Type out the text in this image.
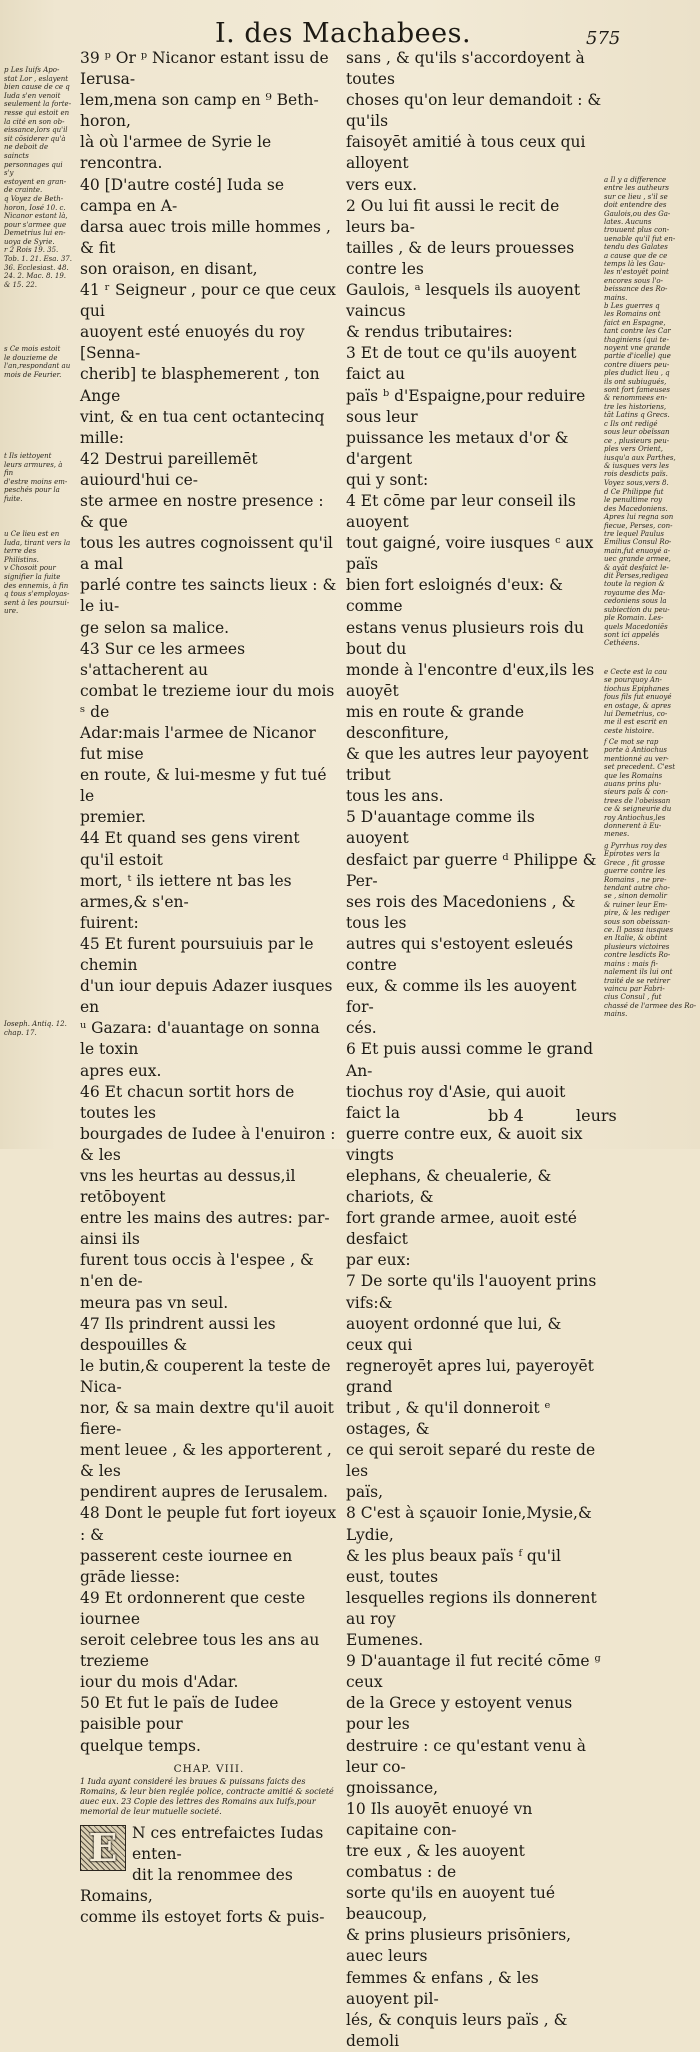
I. des Machabees.	575
p Les Iuifs Apo-
stat Lor , eslayent
bien cause de ce q
Iuda s'en venoit
seulement la forte-
resse qui estoit en
la cité en son ob-
eissance,lors qu'il
sit cōsiderer qu'à
ne deboit de saincts
personnages qui s'y
estoyent en gran-
de crainte.
q Voyez de Beth-
horon, Iosé 10. c.
Nicanor estant là,
pour s'armee que
Demetrius lui en-
uoya de Syrie.
r 2 Rois 19. 35.
Tob. 1. 21. Esa. 37.
36. Ecclesiast. 48.
24. 2. Mac. 8. 19.
& 15. 22.
s Ce mois estoit
le douzieme de
l'an,respondant au
mois de Feurier.
t Ils iettoyent
leurs armures, à fin
d'estre moins em-
peschés pour la
fuite.
u Ce lieu est en
Iuda, tirant vers la
terre des Philistins.
v Chosoit pour
signifier la fuite
des ennemis, à fin
q tous s'employas-
sent à les poursui-
ure.
Ioseph. Antiq. 12.
chap. 17.

39 ᵖ Or ᵖ Nicanor estant issu de Ierusa-

lem,mena son camp en ⁹ Beth-horon,

là où l'armee de Syrie le rencontra.

40 [D'autre costé] Iuda se campa en A-

darsa auec trois mille hommes , & fit

son oraison, en disant,

41 ʳ Seigneur , pour ce que ceux qui

auoyent esté enuoyés du roy [Senna-

cherib] te blasphemerent , ton Ange

vint, & en tua cent octantecinq mille:

42 Destrui pareillemēt auiourd'hui ce-

ste armee en nostre presence : & que

tous les autres cognoissent qu'il a mal

parlé contre tes saincts lieux : & le iu-

ge selon sa malice.

43 Sur ce les armees s'attacherent au

combat le trezieme iour du mois ˢ de

Adar:mais l'armee de Nicanor fut mise

en route, & lui-mesme y fut tué le

premier.

44 Et quand ses gens virent qu'il estoit

mort, ᵗ ils iettere nt bas les armes,& s'en-

fuirent:

45 Et furent poursuiuis par le chemin

d'un iour depuis Adazer iusques en

ᵘ Gazara: d'auantage on sonna le toxin

apres eux.

46 Et chacun sortit hors de toutes les

bourgades de Iudee à l'enuiron : & les

vns les heurtas au dessus,il retōboyent

entre les mains des autres: par-ainsi ils

furent tous occis à l'espee , & n'en de-

meura pas vn seul.

47 Ils prindrent aussi les despouilles &

le butin,& couperent la teste de Nica-

nor, & sa main dextre qu'il auoit fiere-

ment leuee , & les apporterent , & les

pendirent aupres de Ierusalem.

48 Dont le peuple fut fort ioyeux : &

passerent ceste iournee en grāde liesse:

49 Et ordonnerent que ceste iournee

seroit celebree tous les ans au trezieme

iour du mois d'Adar.

50 Et fut le païs de Iudee paisible pour

quelque temps.

CHAP. VIII.
1 Iuda ayant consideré les braues & puissans faicts des Romains, & leur bien reglée police, contracte amitié & societé auec eux. 23 Copie des lettres des Romains aux Iuifs,pour memorial de leur mutuelle societé.
E N ces entrefaictes Iudas enten-

dit la renommee des Romains,

comme ils estoyet forts & puis-

sans , & qu'ils s'accordoyent à toutes

choses qu'on leur demandoit : & qu'ils

faisoyēt amitié à tous ceux qui alloyent

vers eux.

2 Ou lui fit aussi le recit de leurs ba-

tailles , & de leurs prouesses contre les

Gaulois, ᵃ lesquels ils auoyent vaincus

& rendus tributaires:

3 Et de tout ce qu'ils auoyent faict au

païs ᵇ d'Espaigne,pour reduire sous leur

puissance les metaux d'or & d'argent

qui y sont:

4 Et cōme par leur conseil ils auoyent

tout gaigné, voire iusques ᶜ aux païs

bien fort esloignés d'eux: & comme

estans venus plusieurs rois du bout du

monde à l'encontre d'eux,ils les auoyēt

mis en route & grande desconfiture,

& que les autres leur payoyent tribut

tous les ans.

5 D'auantage comme ils auoyent

desfaict par guerre ᵈ Philippe & Per-

ses rois des Macedoniens , & tous les

autres qui s'estoyent esleués contre

eux, & comme ils les auoyent for-

cés.

6 Et puis aussi comme le grand An-

tiochus roy d'Asie, qui auoit faict la

guerre contre eux, & auoit six vingts

elephans, & cheualerie, & chariots, &

fort grande armee, auoit esté desfaict

par eux:

7 De sorte qu'ils l'auoyent prins vifs:&

auoyent ordonné que lui, & ceux qui

regneroyēt apres lui, payeroyēt grand

tribut , & qu'il donneroit ᵉ ostages, &

ce qui seroit separé du reste de les

païs,

8 C'est à sçauoir Ionie,Mysie,& Lydie,

& les plus beaux païs ᶠ qu'il eust, toutes

lesquelles regions ils donnerent au roy

Eumenes.

9 D'auantage il fut recité cōme ᵍ ceux

de la Grece y estoyent venus pour les

destruire : ce qu'estant venu à leur co-

gnoissance,

10 Ils auoyēt enuoyé vn capitaine con-

tre eux , & les auoyent combatus : de

sorte qu'ils en auoyent tué beaucoup,

& prins plusieurs prisōniers, auec leurs

femmes & enfans , & les auoyent pil-

lés, & conquis leurs païs , & demoli

a Il y a difference
entre les autheurs
sur ce lieu , s'il se
doit entendre des
Gaulois,ou des Ga-
lates. Aucuns
trouuent plus con-
uenable qu'il fut en-
tendu des Galates
a cause que de ce
temps là les Gau-
les n'estoyēt point
encores sous l'o-
beissance des Ro-
mains.
b Les guerres q
les Romains ont
faict en Espagne,
tant contre les Car
thaginiens (qui te-
noyent vne grande
partie d'icelle) que
contre diuers peu-
ples dudict lieu , q
ils ont subiugués,
sont fort fameuses
& renommees en-
tre les historiens,
tāt Latins q Grecs.
c Ils ont redigé
sous leur obeïssan
ce , plusieurs peu-
ples vers Orient,
iusqu'a aux Parthes,
& iusques vers les
rois desdicts païs.
Voyez sous,vers 8.
d Ce Philippe fut
le penultime roy
des Macedoniens.
Apres lui regna son
fiecue, Perses, con-
tre lequel Paulus
Emilius Consul Ro-
main,fut enuoyé a-
uec grande armee,
& ayāt desfaict le-
dit Perses,redigea
toute la region &
royaume des Ma-
cedoniens sous la
subiection du peu-
ple Romain. Les-
quels Macedoniēs
sont ici appelés
Cethéens.
e Cecte est la cau
se pourquoy An-
tiochus Epiphanes
fous fils fut enuoyé
en ostage, & apres
lui Demetrius, co-
me il est escrit en
ceste histoire.
f Ce mot se rap
porte à Antiochus
mentionné au ver-
set precedent. C'est
que les Romains
auans prins plu-
sieurs païs & con-
trees de l'obeissan
ce & seigneurie du
roy Antiochus,les
donnerent à Eu-
menes.
g Pyrrhus roy des
Epirotes vers la
Grece , fit grosse
guerre contre les
Romains , ne pre-
tendant autre cho-
se , sinon demolir
& ruiner leur Em-
pire, & les rediger
sous son obeissan-
ce. Il passa iusques
en Italie, & obtint
plusieurs victoires
contre lesdicts Ro-
mains : mais fi-
nalement ils lui ont
traité de se retirer
vaincu par Fabri-
cius Consul , fut
chassé de l'armee des Ro-
mains.
bb 4	leurs
